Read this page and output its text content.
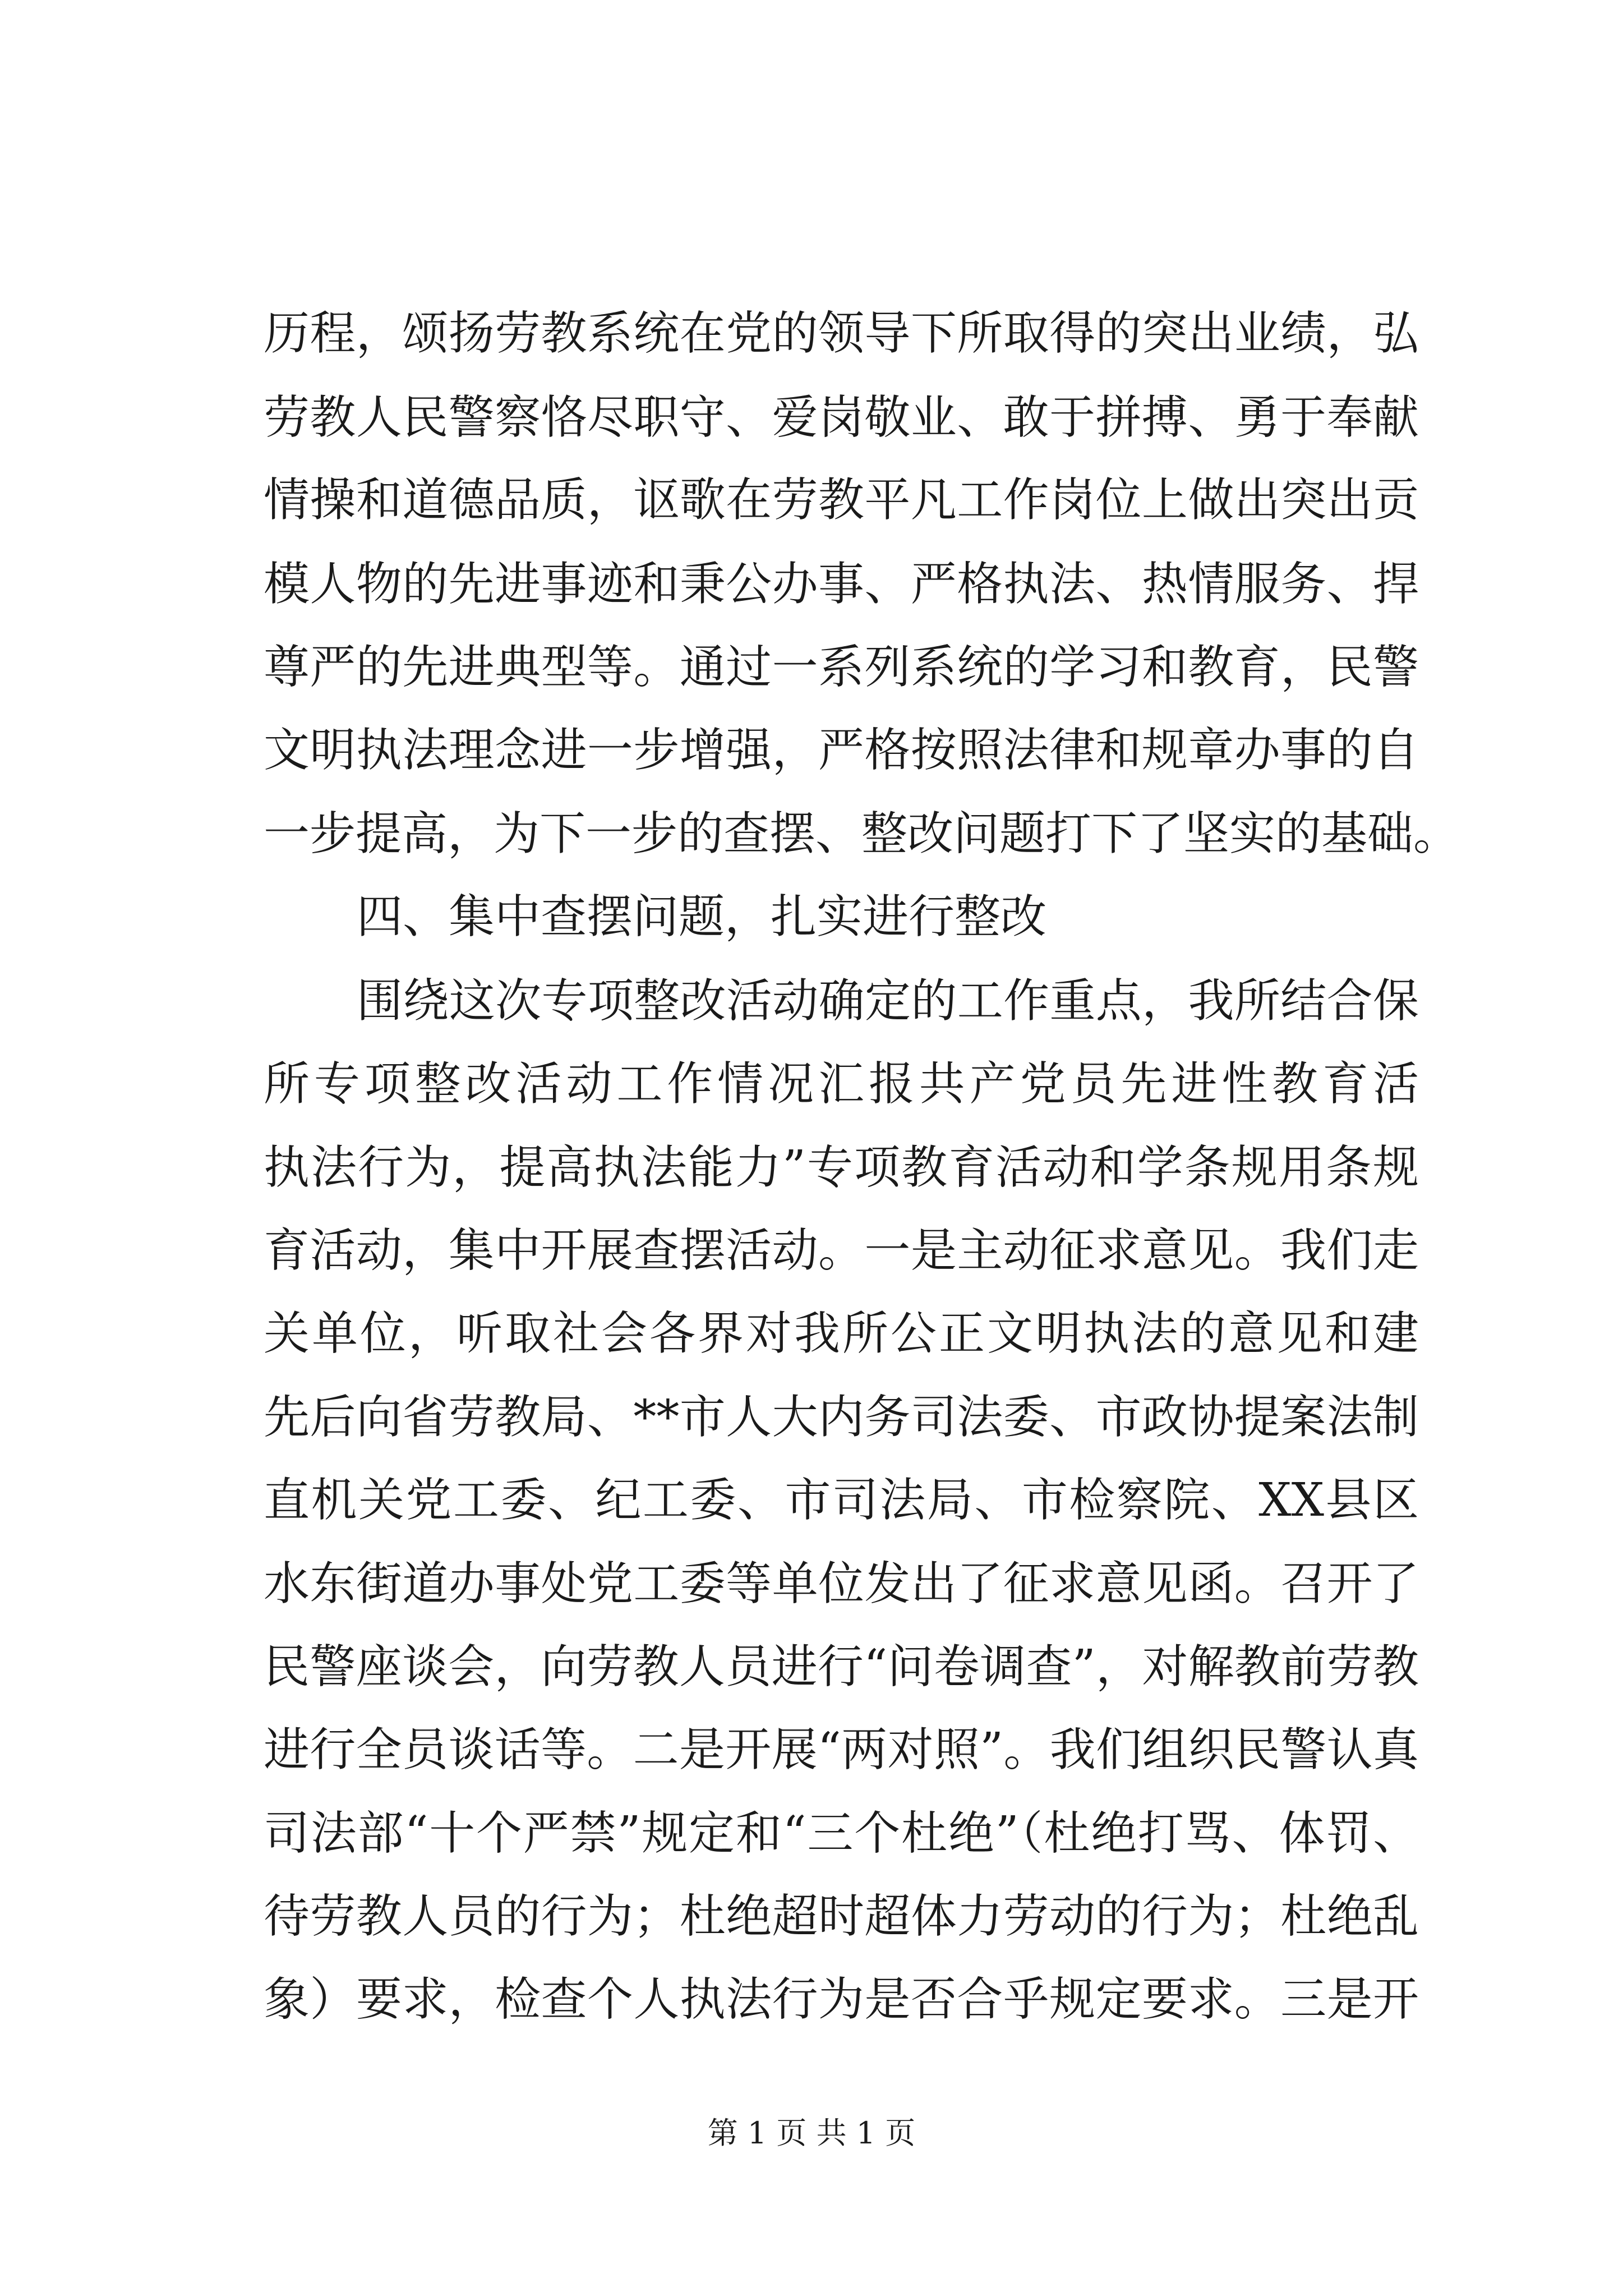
历程，颂扬劳教系统在党的领导下所取得的突出业绩，弘
劳教人民警察恪尽职守、爱岗敬业、敢于拼搏、勇于奉献
情操和道德品质，讴歌在劳教平凡工作岗位上做出突出贡
模人物的先进事迹和秉公办事、严格执法、热情服务、捍
尊严的先进典型等。通过一系列系统的学习和教育，民警
文明执法理念进一步增强，严格按照法律和规章办事的自
一步提高，为下一步的查摆、整改问题打下了坚实的基础。
四、集中查摆问题，扎实进行整改
围绕这次专项整改活动确定的工作重点，我所结合保
所专项整改活动工作情况汇报共产党员先进性教育活
执法行为，提高执法能力”专项教育活动和学条规用条规
育活动，集中开展查摆活动。一是主动征求意见。我们走
关单位，听取社会各界对我所公正文明执法的意见和建
先后向省劳教局、**市人大内务司法委、市政协提案法制
直机关党工委、纪工委、市司法局、市检察院、XX县区
水东街道办事处党工委等单位发出了征求意见函。召开了
民警座谈会，向劳教人员进行“问卷调查”，对解教前劳教
进行全员谈话等。二是开展“两对照”。我们组织民警认真
司法部“十个严禁”规定和“三个杜绝”（杜绝打骂、体罚、
待劳教人员的行为；杜绝超时超体力劳动的行为；杜绝乱
象）要求，检查个人执法行为是否合乎规定要求。三是开
第 1 页 共 1 页
